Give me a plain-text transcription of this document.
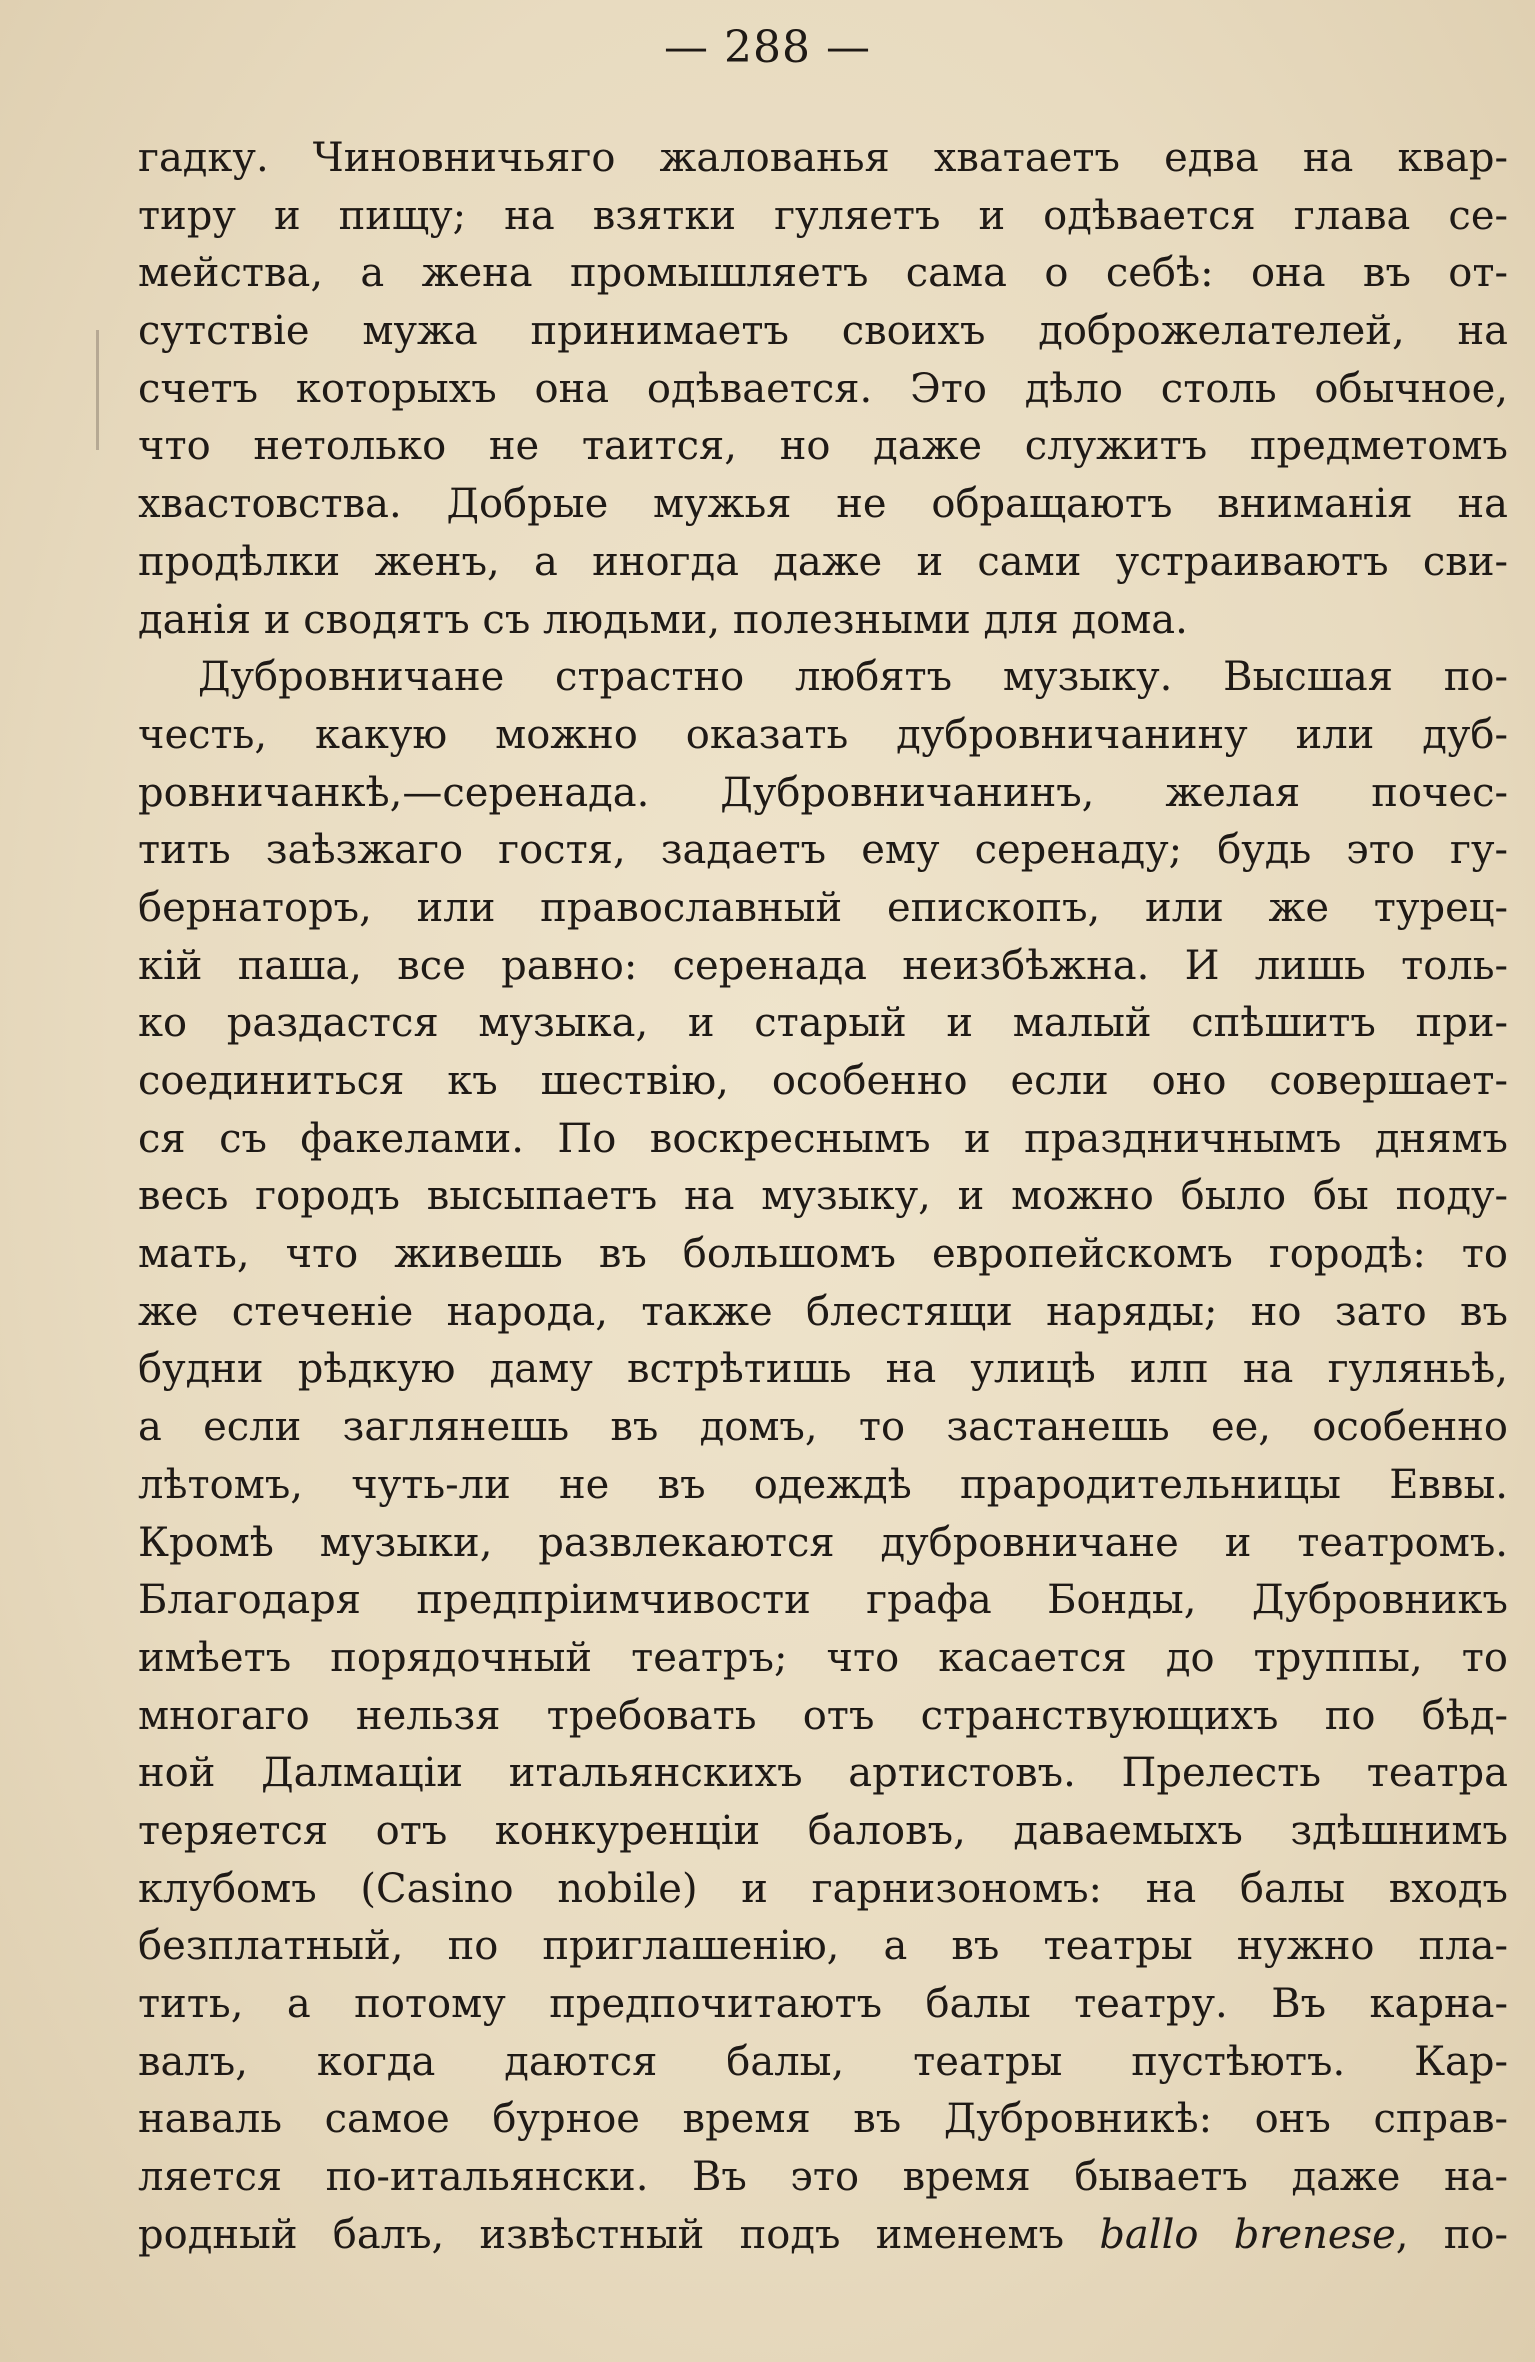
— 288 —
гадку. Чиновничьяго жалованья хватаетъ едва на квар-
тиру и пищу; на взятки гуляетъ и одѣвается глава се-
мейства, а жена промышляетъ сама о себѣ: она въ от-
сутствіе мужа принимаетъ своихъ доброжелателей, на
счетъ которыхъ она одѣвается. Это дѣло столь обычное,
что нетолько не таится, но даже служитъ предметомъ
хвастовства. Добрые мужья не обращаютъ вниманія на
продѣлки женъ, а иногда даже и сами устраиваютъ сви-
данія и сводятъ съ людьми, полезными для дома.
Дубровничане страстно любятъ музыку. Высшая по-
честь, какую можно оказать дубровничанину или дуб-
ровничанкѣ,—серенада. Дубровничанинъ, желая почес-
тить заѣзжаго гостя, задаетъ ему серенаду; будь это гу-
бернаторъ, или православный епископъ, или же турец-
кій паша, все равно: серенада неизбѣжна. И лишь толь-
ко раздастся музыка, и старый и малый спѣшитъ при-
соединиться къ шествію, особенно если оно совершает-
ся съ факелами. По воскреснымъ и праздничнымъ днямъ
весь городъ высыпаетъ на музыку, и можно было бы поду-
мать, что живешь въ большомъ европейскомъ городѣ: то
же стеченіе народа, также блестящи наряды; но зато въ
будни рѣдкую даму встрѣтишь на улицѣ илп на гуляньѣ,
а если заглянешь въ домъ, то застанешь ее, особенно
лѣтомъ, чуть-ли не въ одеждѣ прародительницы Еввы.
Кромѣ музыки, развлекаются дубровничане и театромъ.
Благодаря предпріимчивости графа Бонды, Дубровникъ
имѣетъ порядочный театръ; что касается до труппы, то
многаго нельзя требовать отъ странствующихъ по бѣд-
ной Далмаціи итальянскихъ артистовъ. Прелесть театра
теряется отъ конкуренціи баловъ, даваемыхъ здѣшнимъ
клубомъ (Casino nobile) и гарнизономъ: на балы входъ
безплатный, по приглашенію, а въ театры нужно пла-
тить, а потому предпочитаютъ балы театру. Въ карна-
валъ, когда даются балы, театры пустѣютъ. Кар-
наваль самое бурное время въ Дубровникѣ: онъ справ-
ляется по-итальянски. Въ это время бываетъ даже на-
родный балъ, извѣстный подъ именемъ ballo brenese, по-
